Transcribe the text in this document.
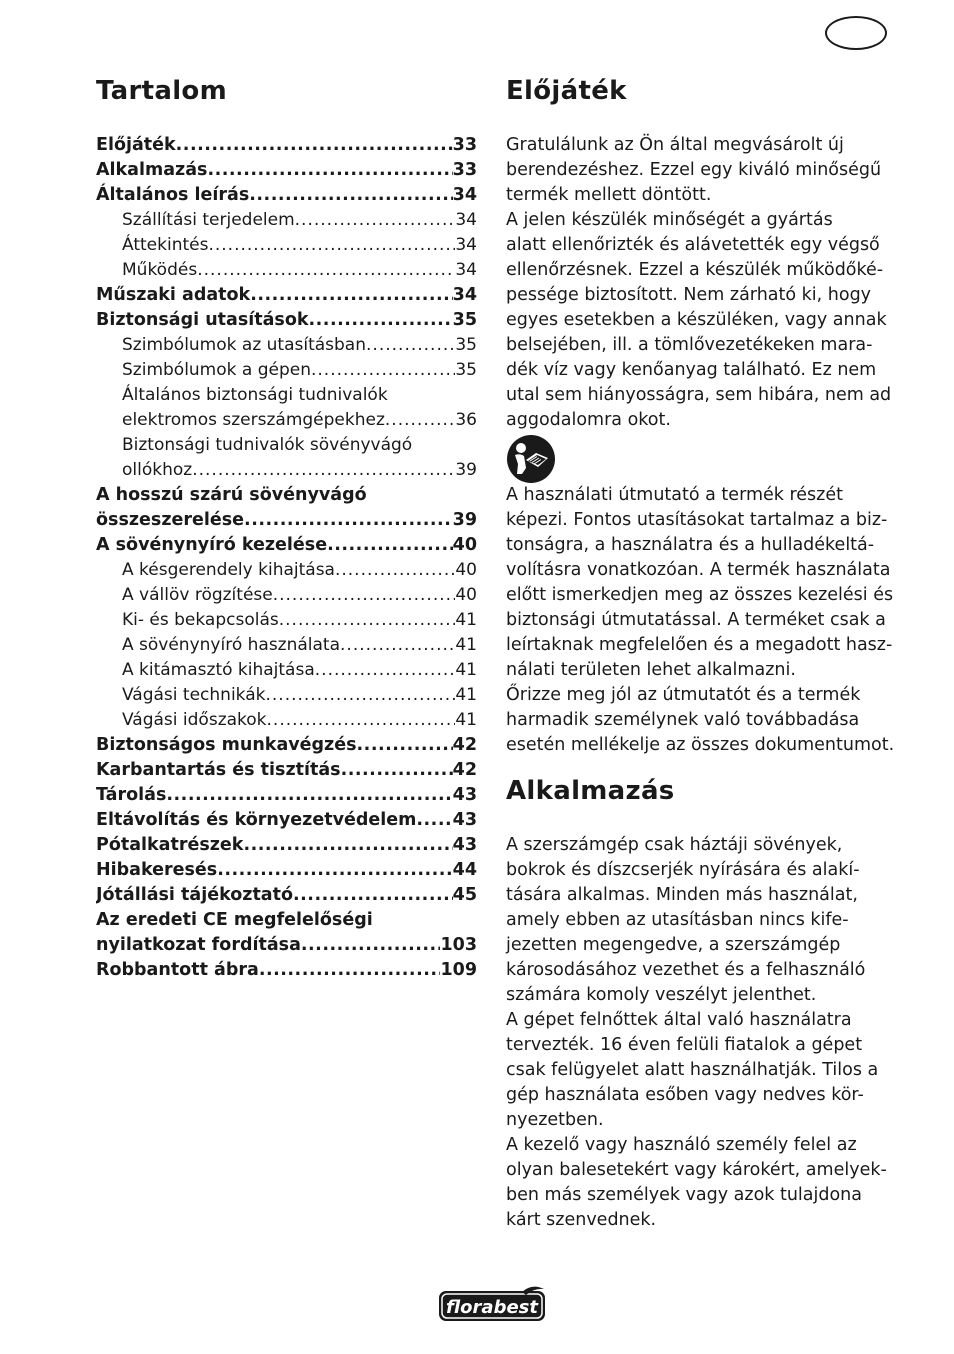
Tartalom
Előjáték .....	33
Alkalmazás .....	33
Általános leírás .....	34
Szállítási terjedelem .....	34
Áttekintés .....	34
Működés .....	34
Műszaki adatok .....	34
Biztonsági utasítások .....	35
Szimbólumok az utasításban .....	35
Szimbólumok a gépen .....	35
Általános biztonsági tudnivalók
elektromos szerszámgépekhez .....	36
Biztonsági tudnivalók sövényvágó
ollókhoz .....	39
A hosszú szárú sövényvágó
összeszerelése .....	39
A sövénynyíró kezelése .....	40
A késgerendely kihajtása .....	40
A vállöv rögzítése .....	40
Ki- és bekapcsolás .....	41
A sövénynyíró használata .....	41
A kitámasztó kihajtása .....	41
Vágási technikák .....	41
Vágási időszakok .....	41
Biztonságos munkavégzés .....	42
Karbantartás és tisztítás .....	42
Tárolás .....	43
Eltávolítás és környezetvédelem ..... 43
Pótalkatrészek .....	43
Hibakeresés .....	44
Jótállási tájékoztató .....	45
Az eredeti CE megfelelőségi
nyilatkozat fordítása .....	103
Robbantott ábra .....	109
Előjáték
Gratulálunk az Ön által megvásárolt új
berendezéshez. Ezzel egy kiváló minőségű
termék mellett döntött.
A jelen készülék minőségét a gyártás
alatt ellenőrizték és alávetették egy végső
ellenőrzésnek. Ezzel a készülék működőké-
pessége biztosított. Nem zárható ki, hogy
egyes esetekben a készüléken, vagy annak
belsejében, ill. a tömlővezetékeken mara-
dék víz vagy kenőanyag található. Ez nem
utal sem hiányosságra, sem hibára, nem ad
aggodalomra okot.
A használati útmutató a termék részét
képezi. Fontos utasításokat tartalmaz a biz-
tonságra, a használatra és a hulladékeltá-
volításra vonatkozóan. A termék használata
előtt ismerkedjen meg az összes kezelési és
biztonsági útmutatással. A terméket csak a
leírtaknak megfelelően és a megadott hasz-
nálati területen lehet alkalmazni.
Őrizze meg jól az útmutatót és a termék
harmadik személynek való továbbadása
esetén mellékelje az összes dokumentumot.
Alkalmazás
A szerszámgép csak háztáji sövények,
bokrok és díszcserjék nyírására és alakí-
tására alkalmas. Minden más használat,
amely ebben az utasításban nincs kife-
jezetten megengedve, a szerszámgép
károsodásához vezethet és a felhasználó
számára komoly veszélyt jelenthet.
A gépet felnőttek által való használatra
tervezték. 16 éven felüli fiatalok a gépet
csak felügyelet alatt használhatják. Tilos a
gép használata esőben vagy nedves kör-
nyezetben.
A kezelő vagy használó személy felel az
olyan balesetekért vagy károkért, amelyek-
ben más személyek vagy azok tulajdona
kárt szenvednek.
florabest
